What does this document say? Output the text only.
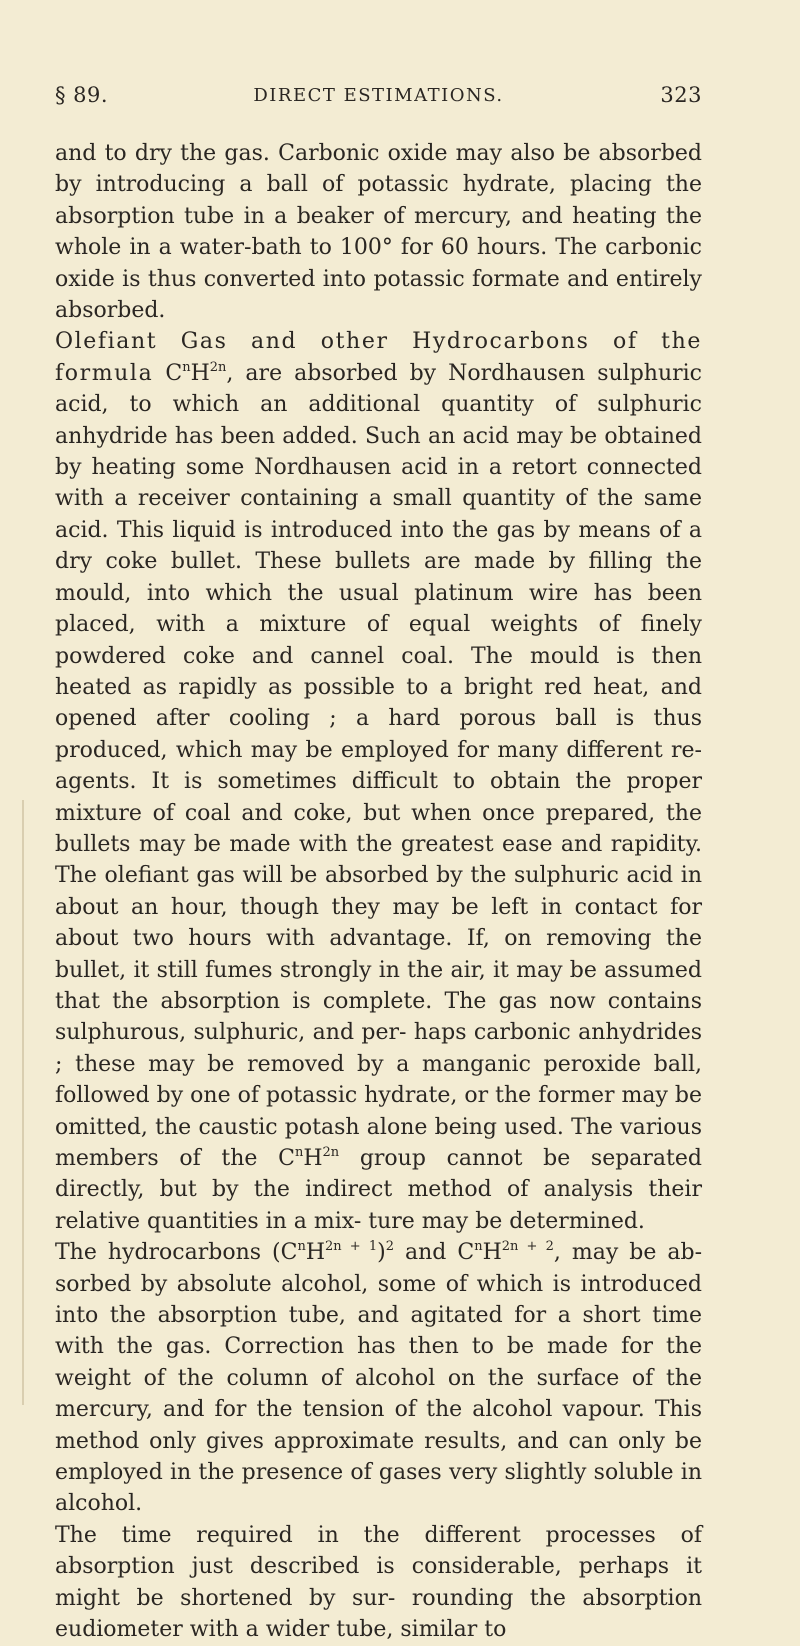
§ 89.	DIRECT ESTIMATIONS.	323

and to dry the gas. Carbonic oxide may also be absorbed by introducing a ball of potassic hydrate, placing the absorption tube in a beaker of mercury, and heating the whole in a water-bath to 100° for 60 hours. The carbonic oxide is thus converted into potassic formate and entirely absorbed.

Olefiant Gas and other Hydrocarbons of the formula $C^nH^{2n}$, are absorbed by Nordhausen sulphuric acid, to which an additional quantity of sulphuric anhydride has been added. Such an acid may be obtained by heating some Nordhausen acid in a retort connected with a receiver containing a small quantity of the same acid. This liquid is introduced into the gas by means of a dry coke bullet. These bullets are made by filling the mould, into which the usual platinum wire has been placed, with a mixture of equal weights of finely powdered coke and cannel coal. The mould is then heated as rapidly as possible to a bright red heat, and opened after cooling ; a hard porous ball is thus produced, which may be employed for many different re-agents. It is sometimes difficult to obtain the proper mixture of coal and coke, but when once prepared, the bullets may be made with the greatest ease and rapidity. The olefiant gas will be absorbed by the sulphuric acid in about an hour, though they may be left in contact for about two hours with advantage. If, on removing the bullet, it still fumes strongly in the air, it may be assumed that the absorption is complete. The gas now contains sulphurous, sulphuric, and per- haps carbonic anhydrides ; these may be removed by a manganic peroxide ball, followed by one of potassic hydrate, or the former may be omitted, the caustic potash alone being used. The various members of the $C^nH^{2n}$ group cannot be separated directly, but by the indirect method of analysis their relative quantities in a mix- ture may be determined.

The hydrocarbons $(C^nH^{2n + 1})^2$ and $C^nH^{2n + 2}$, may be ab- sorbed by absolute alcohol, some of which is introduced into the absorption tube, and agitated for a short time with the gas. Correction has then to be made for the weight of the column of alcohol on the surface of the mercury, and for the tension of the alcohol vapour. This method only gives approximate results, and can only be employed in the presence of gases very slightly soluble in alcohol.

The time required in the different processes of absorption just described is considerable, perhaps it might be shortened by sur- rounding the absorption eudiometer with a wider tube, similar to
